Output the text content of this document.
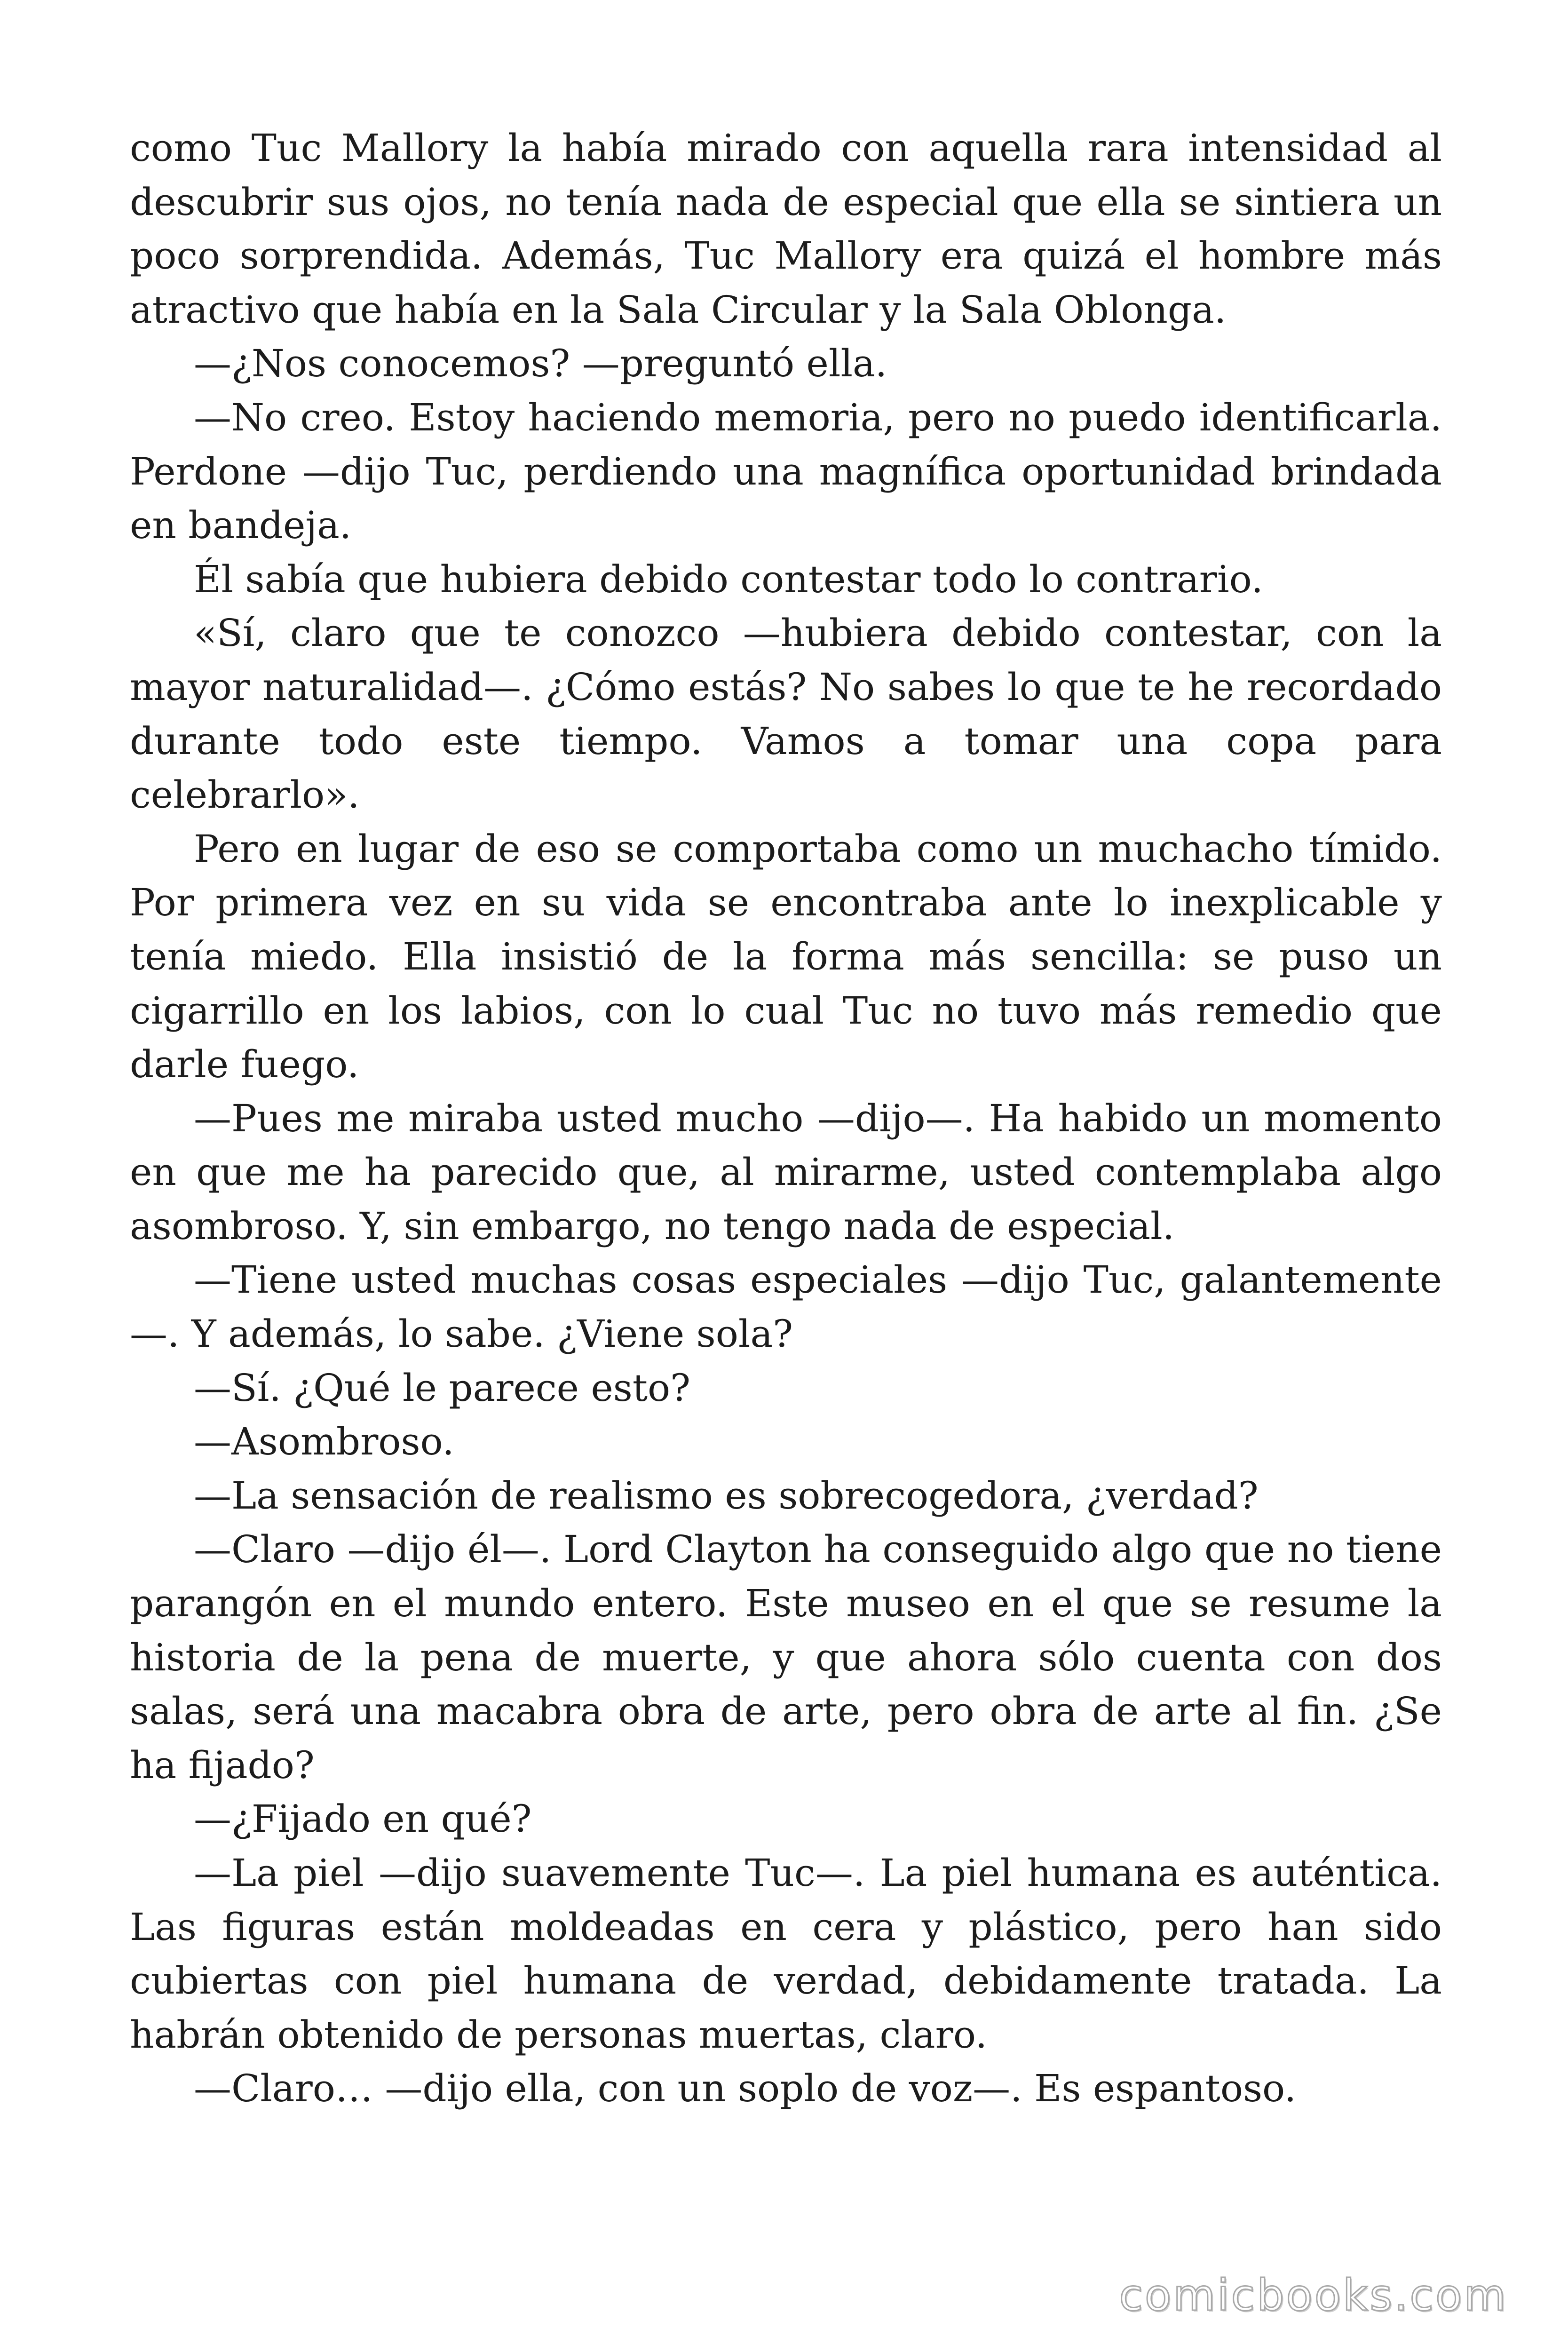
como Tuc Mallory la había mirado con aquella rara intensidad al descubrir sus ojos, no tenía nada de especial que ella se sintiera un poco sorprendida. Además, Tuc Mallory era quizá el hombre más atractivo que había en la Sala Circular y la Sala Oblonga.

—¿Nos conocemos? —preguntó ella.

—No creo. Estoy haciendo memoria, pero no puedo identificarla. Perdone —dijo Tuc, perdiendo una magnífica oportunidad brindada en bandeja.

Él sabía que hubiera debido contestar todo lo contrario.

«Sí, claro que te conozco —hubiera debido contestar, con la mayor naturalidad—. ¿Cómo estás? No sabes lo que te he recordado durante todo este tiempo. Vamos a tomar una copa para celebrarlo».

Pero en lugar de eso se comportaba como un muchacho tímido. Por primera vez en su vida se encontraba ante lo inexplicable y tenía miedo. Ella insistió de la forma más sencilla: se puso un cigarrillo en los labios, con lo cual Tuc no tuvo más remedio que darle fuego.

—Pues me miraba usted mucho —dijo—. Ha habido un momento en que me ha parecido que, al mirarme, usted contemplaba algo asombroso. Y, sin embargo, no tengo nada de especial.

—Tiene usted muchas cosas especiales —dijo Tuc, galantemente —. Y además, lo sabe. ¿Viene sola?

—Sí. ¿Qué le parece esto?

—Asombroso.

—La sensación de realismo es sobrecogedora, ¿verdad?

—Claro —dijo él—. Lord Clayton ha conseguido algo que no tiene parangón en el mundo entero. Este museo en el que se resume la historia de la pena de muerte, y que ahora sólo cuenta con dos salas, será una macabra obra de arte, pero obra de arte al fin. ¿Se ha fijado?

—¿Fijado en qué?

—La piel —dijo suavemente Tuc—. La piel humana es auténtica. Las figuras están moldeadas en cera y plástico, pero han sido cubiertas con piel humana de verdad, debidamente tratada. La habrán obtenido de personas muertas, claro.

—Claro… —dijo ella, con un soplo de voz—. Es espantoso.

comicbooks.com
